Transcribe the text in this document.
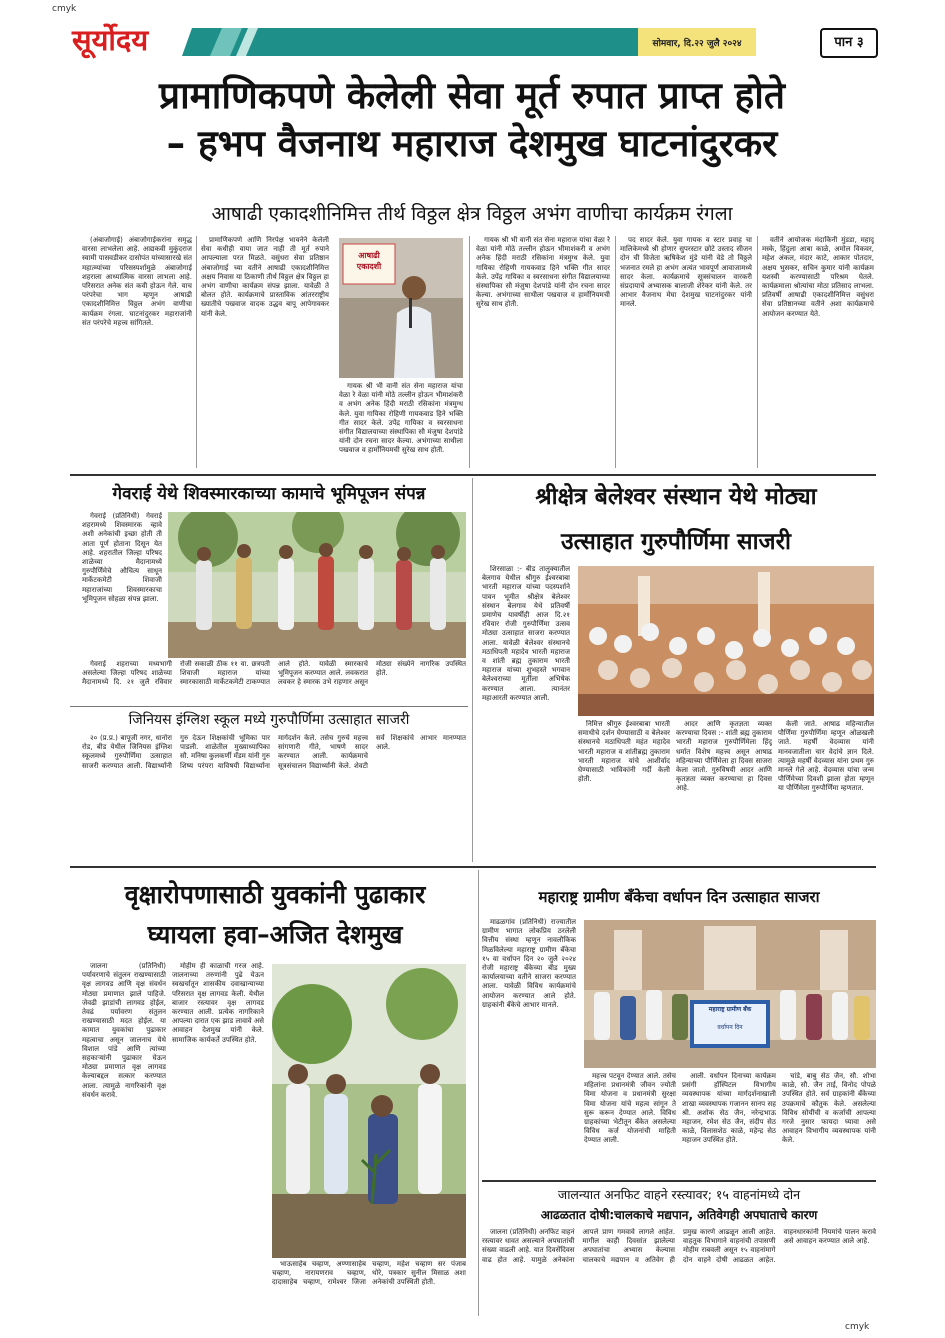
cmyk
cmyk
सूर्योदय	सोमवार, दि.२२ जुलै २०२४	पान ३
प्रामाणिकपणे केलेली सेवा मूर्त रुपात प्राप्त होते
– हभप वैजनाथ महाराज देशमुख घाटनांदुरकर
आषाढी एकादशीनिमित्त तीर्थ विठ्ठल क्षेत्र विठ्ठल अभंग वाणीचा कार्यक्रम रंगला

(अंबाजोगाई) अंबाजोगाईकरांना समृद्ध वारसा लाभलेला आहे. आद्यकवी मुकुंदराज स्वामी पासवडीकर दासोपंत यांच्यासारखे संत महात्म्यांच्या परिसस्पर्शामुळे अंबाजोगाई शहराला आध्यात्मिक वारसा लाभला आहे. परिसरात अनेक संत कवी होऊन गेले. याच परंपरेचा भाग म्हणून आषाढी एकादशीनिमित्त विठ्ठल अभंग वाणीचा कार्यक्रम रंगला. घाटनांदुरकर महाराजांनी संत परंपरेचे महत्त्व सांगितले.

प्रामाणिकपणे आणि निरपेक्ष भावनेने केलेली सेवा कधीही वाया जात नाही ती मूर्त रुपाने आपल्याला परत मिळते. वसुंधरा सेवा प्रतिष्ठान अंबाजोगाई च्या वतीने आषाढी एकादशीनिमित्त अक्षय निवास या ठिकाणी तीर्थ विठ्ठल क्षेत्र विठ्ठल हा अभंग वाणीचा कार्यक्रम संपन्न झाला. यावेळी ते बोलत होते. कार्यक्रमाचे प्रास्ताविक आंतरराष्ट्रीय ख्यातीचे पखवाज वादक उद्धव बापू आपेगावकर यांनी केले.

आषाढी एकादशी

गायक श्री भी वानी संत सेना महाराज यांचा वेळा रे वेळा यांनी मोठे तल्लीन होऊन भीमाशंकरी व अभंग अनेक हिंदी मराठी रसिकांना मंत्रमुग्ध केले. युवा गायिका रोहिणी गायकवाड हिने भक्ति गीत सादर केले. उपेंद्र गायिका व स्वरसाधना संगीत विद्यालयाच्या संस्थापिका सौ मंजुषा देशपांडे यांनी दोन रचना सादर केल्या. अभंगाच्या साथीला पखवाज व हार्मोनियमची सुरेख साथ होती.

गायक श्री भी वानी संत सेना महाराज यांचा वेळा रे वेळा यांनी मोठे तल्लीन होऊन भीमाशंकरी व अभंग अनेक हिंदी मराठी रसिकांना मंत्रमुग्ध केले. युवा गायिका रोहिणी गायकवाड हिने भक्ति गीत सादर केले. उपेंद्र गायिका व स्वरसाधना संगीत विद्यालयाच्या संस्थापिका सौ मंजुषा देशपांडे यांनी दोन रचना सादर केल्या. अभंगाच्या साथीला पखवाज व हार्मोनियमची सुरेख साथ होती.

पद सादर केले. युवा गायक व स्टार प्रवाह चा मालिकेमध्ये श्री होणार सुपरस्टार छोटे उस्ताद सीजन दोन ची विजेता ऋषिकेश मुंडे यांनी वेडे तो विठ्ठले भजनात रमले हा अभंग अत्यंत भावपूर्ण आवाजामध्ये सादर केला. कार्यक्रमाचे सूत्रसंचालन वारकरी संप्रदायाचे अभ्यासक बालाजी शेरेकर यांनी केले. तर आभार वैजनाथ मेघा देशमुख घाटनांदुरकर यांनी मानले.

वतीने आयोजक मंदाकिनी मुंडडा, महादू मस्के, हिंदुला आबा काळे, अमोल विकवर, महेश अंकल, मंदार काटे, आकार पोतदार, अक्षय भुसकर, सचिन कुमार यांनी कार्यक्रम यशस्वी करण्यासाठी परिश्रम घेतले. कार्यक्रमाला श्रोत्यांचा मोठा प्रतिसाद लाभला. प्रतिवर्षी आषाढी एकादशीनिमित्त वसुंधरा सेवा प्रतिष्ठानच्या वतीने अशा कार्यक्रमाचे आयोजन करण्यात येते.

गेवराई येथे शिवस्मारकाच्या कामाचे भूमिपूजन संपन्न

गेवराई (प्रतिनिधी) गेवराई शहरामध्ये शिवस्मारक व्हावे अशी अनेकांची इच्छा होती ती आता पूर्ण होताना दिसून येत आहे. शहरातील जिल्हा परिषद शाळेच्या मैदानामध्ये गुरुपौर्णिमेचे औचित्य साधून मार्केटकमेटी शिवाजी महाराजांच्या शिवस्मारकाचा भूमिपूजन सोहळा संपन्न झाला.

गेवराई शहराच्या मध्यभागी असलेल्या जिल्हा परिषद शाळेच्या मैदानामध्ये दि. २१ जुलै रविवार रोजी सकाळी ठीक ११ वा. छत्रपती शिवाजी महाराज यांच्या स्मारकासाठी मार्केटकमेटी टाकण्यात आले होते. यावेळी स्मारकाचे भूमिपूजन करण्यात आले. लवकरात लवकर हे स्मारक उभे राहणार असून मोठ्या संख्येने नागरिक उपस्थित होते.

जिनियस इंग्लिश स्कूल मध्ये गुरुपौर्णिमा उत्साहात साजरी

२० (प्र.प्र.) बापूजी नगर, धानोरा रोड, बीड येथील जिनियस इंग्लिश स्कूलमध्ये गुरुपौर्णिमा उत्साहात साजरी करण्यात आली. विद्यार्थ्यांनी गुरु देऊन शिक्षकांची भूमिका पार पाडली. शाळेतील मुख्याध्यापिका सौ. मनिषा कुलकर्णी मॅडम यांनी गुरु शिष्य परंपरा याविषयी विद्यार्थ्यांना मार्गदर्शन केले. तसेच गुरुचे महत्त्व सांगणारी गीते, भाषणे सादर करण्यात आली. कार्यक्रमाचे सूत्रसंचालन विद्यार्थ्यांनी केले. शेवटी सर्व शिक्षकांचे आभार मानण्यात आले.

श्रीक्षेत्र बेलेश्वर संस्थान येथे मोठ्या
उत्साहात गुरुपौर्णिमा साजरी

शिरसाळा :- बीड तालुक्यातील बेलगाव येथील श्रीगुरु ईश्वरबाबा भारती महाराज यांच्या पदस्पर्शाने पावन भूमीत श्रीक्षेत्र बेलेश्वर संस्थान बेलगाव येथे प्रतिवर्षी प्रमाणेच यावर्षीही आज दि.२१ रविवार रोजी गुरुपौर्णिमा उत्सव मोठ्या उत्साहात साजरा करण्यात आला. यावेळी बेलेश्वर संस्थानचे मठाधिपती महादेव भारती महाराज व शांती ब्रह्म तुकाराम भारती महाराज यांच्या शुभहस्ते भगवान बेलेश्वराच्या मूर्तीला अभिषेक करण्यात आला. त्यानंतर महाआरती करण्यात आली.

निमित्त श्रीगुरु ईश्वरबाबा भारती समाधीचे दर्शन घेण्यासाठी व बेलेश्वर संस्थानचे मठाधिपती महंत महादेव भारती महाराज व शांतीब्रह्म तुकाराम भारती महाराज यांचे आशीर्वाद घेण्यासाठी भाविकांनी गर्दी केली होती.

आदर आणि कृतज्ञता व्यक्त करण्याचा दिवस :- शांती ब्रह्म तुकाराम भारती महाराज गुरुपौर्णिमेला हिंदू धर्मात विशेष महत्त्व असून आषाढ महिन्याच्या पौर्णिमेला हा दिवस साजरा केला जातो. गुरुविषयी आदर आणि कृतज्ञता व्यक्त करण्याचा हा दिवस आहे.

केली जाते. आषाढ महिन्यातील पौर्णिमा गुरुपौर्णिमा म्हणून ओळखली जाते. महर्षी वेदव्यास यांनी मानवजातीला चार वेदांचे ज्ञान दिले. त्यामुळे महर्षी वेदव्यास यांना प्रथम गुरु मानले गेले आहे. वेदव्यास यांचा जन्म पौर्णिमेच्या दिवशी झाला होता म्हणून या पौर्णिमेला गुरुपौर्णिमा म्हणतात.

वृक्षारोपणासाठी युवकांनी पुढाकार
घ्यायला हवा–अजित देशमुख

जालना (प्रतिनिधी) पर्यावरणाचे संतुलन राखण्यासाठी वृक्ष लागवड आणि वृक्ष संवर्धन मोठ्या प्रमाणात झाले पाहिजे. जेवढी झाडांची लागवड होईल, तेवढं पर्यावरण संतुलन राखण्यासाठी मदत होईल. या कामात युवकांचा पुढाकार महत्वाचा असून जालनाच येथे विशाल पांडे आणि त्यांच्या सहकाऱ्यांनी पुढाकार घेऊन मोठ्या प्रमाणात वृक्ष लागवड केल्याबद्दल सत्कार करण्यात आला. त्यामुळे नागरिकांनी वृक्ष संवर्धन करावे.

मोहीम ही काळाची गरज आहे. जालनाच्या तरुणांनी पुढे येऊन स्वखर्चातून शासकीय दवाखान्याच्या परिसरात वृक्ष लागवड केली. येथील बाजार रस्त्यावर वृक्ष लागवड करण्यात आली. प्रत्येक नागरिकाने आपल्या दारात एक झाड लावावे असे आवाहन देशमुख यांनी केले. सामाजिक कार्यकर्ते उपस्थित होते.

भाऊसाहेब चव्हाण, अण्णासाहेब चव्हाण, नारायणराव चव्हाण, दादासाहेब चव्हाण, रामेश्वर जिजा चव्हाण, महेश चव्हाण सर पंजाब थोरे, पत्रकार सुनील मिसाळ अशा अनेकांची उपस्थिती होती.

महाराष्ट्र ग्रामीण बँकेचा वर्धापन दिन उत्साहात साजरा

माढळगांव (प्रतिनिधी) राज्यातील ग्रामीण भागात लोकप्रिय ठरलेली वित्तीय संस्था म्हणून नावलौकिक मिळविलेल्या महाराष्ट्र ग्रामीण बँकेचा १५ वा वर्धापन दिन २० जुलै २०२४ रोजी महाराष्ट्र बँकेच्या बीड मुख्य कार्यालयाच्या वतीने साजरा करण्यात आला. यावेळी विविध कार्यक्रमांचे आयोजन करण्यात आले होते. ग्राहकांनी बँकेचे आभार मानले.

महाराष्ट्र ग्रामीण बँक
वर्धापन दिन

महत्त्व पटवून देण्यात आले. तसेच महिलांना प्रधानमंत्री जीवन ज्योती विमा योजना व प्रधानमंत्री सुरक्षा विमा योजना यांचे महत्व सांगून ते सुरू करून देण्यात आले. विविध ग्राहकांच्या भेटीतून बँकेत असलेल्या विविध कर्ज योजनांची माहिती देण्यात आली.

आली. वर्धापन दिनाच्या कार्यक्रम प्रसंगी हॉस्पिटल विभागीय व्यवस्थापक यांच्या मार्गदर्शनाखाली शाखा व्यवस्थापक गजानन सानप सह श्री. अशोक सेठ जैन, नरेन्द्रभाऊ महाजन, रमेश सेठ जैन, संदीप सेठ काळे, विलासशेठ काळे, महेन्द्र सेठ महाजन उपस्थित होते.

चांडे, बाबु सेठ जैन, सौ. शोभा काळे, सौ. जैन ताई, विनोद पोपळे उपस्थित होते. सर्व ग्राहकांनी बँकेच्या उपक्रमाचे कौतुक केले. असलेल्या विविध सोयींची व कर्जाची आपल्या गरजे नुसार फायदा घ्यावा असे आवाहन विभागीय व्यवस्थापक यांनी केले.

जालन्यात अनफिट वाहने रस्त्यावर; १५ वाहनांमध्ये दोन
आढळतात दोषी:चालकाचे मद्यपान, अतिवेगही अपघाताचे कारण

जालना (प्रतिनिधी) अनफिट वाहनं रस्त्यावर धावत असल्याने अपघातांची संख्या वाढली आहे. यात दिवसेंदिवस वाढ होत आहे. यामुळे अनेकांना आपले प्राण गमवावे लागले आहेत. मागील काही दिवसांत झालेल्या अपघातांचा अभ्यास केल्यास चालकाचे मद्यपान व अतिवेग ही प्रमुख कारणे आढळून आली आहेत. वाहतूक विभागाने वाहनांची तपासणी मोहीम राबवली असून १५ वाहनांमागे दोन वाहने दोषी आढळत आहेत. वाहनधारकांनी नियमांचे पालन करावे असे आवाहन करण्यात आले आहे.
